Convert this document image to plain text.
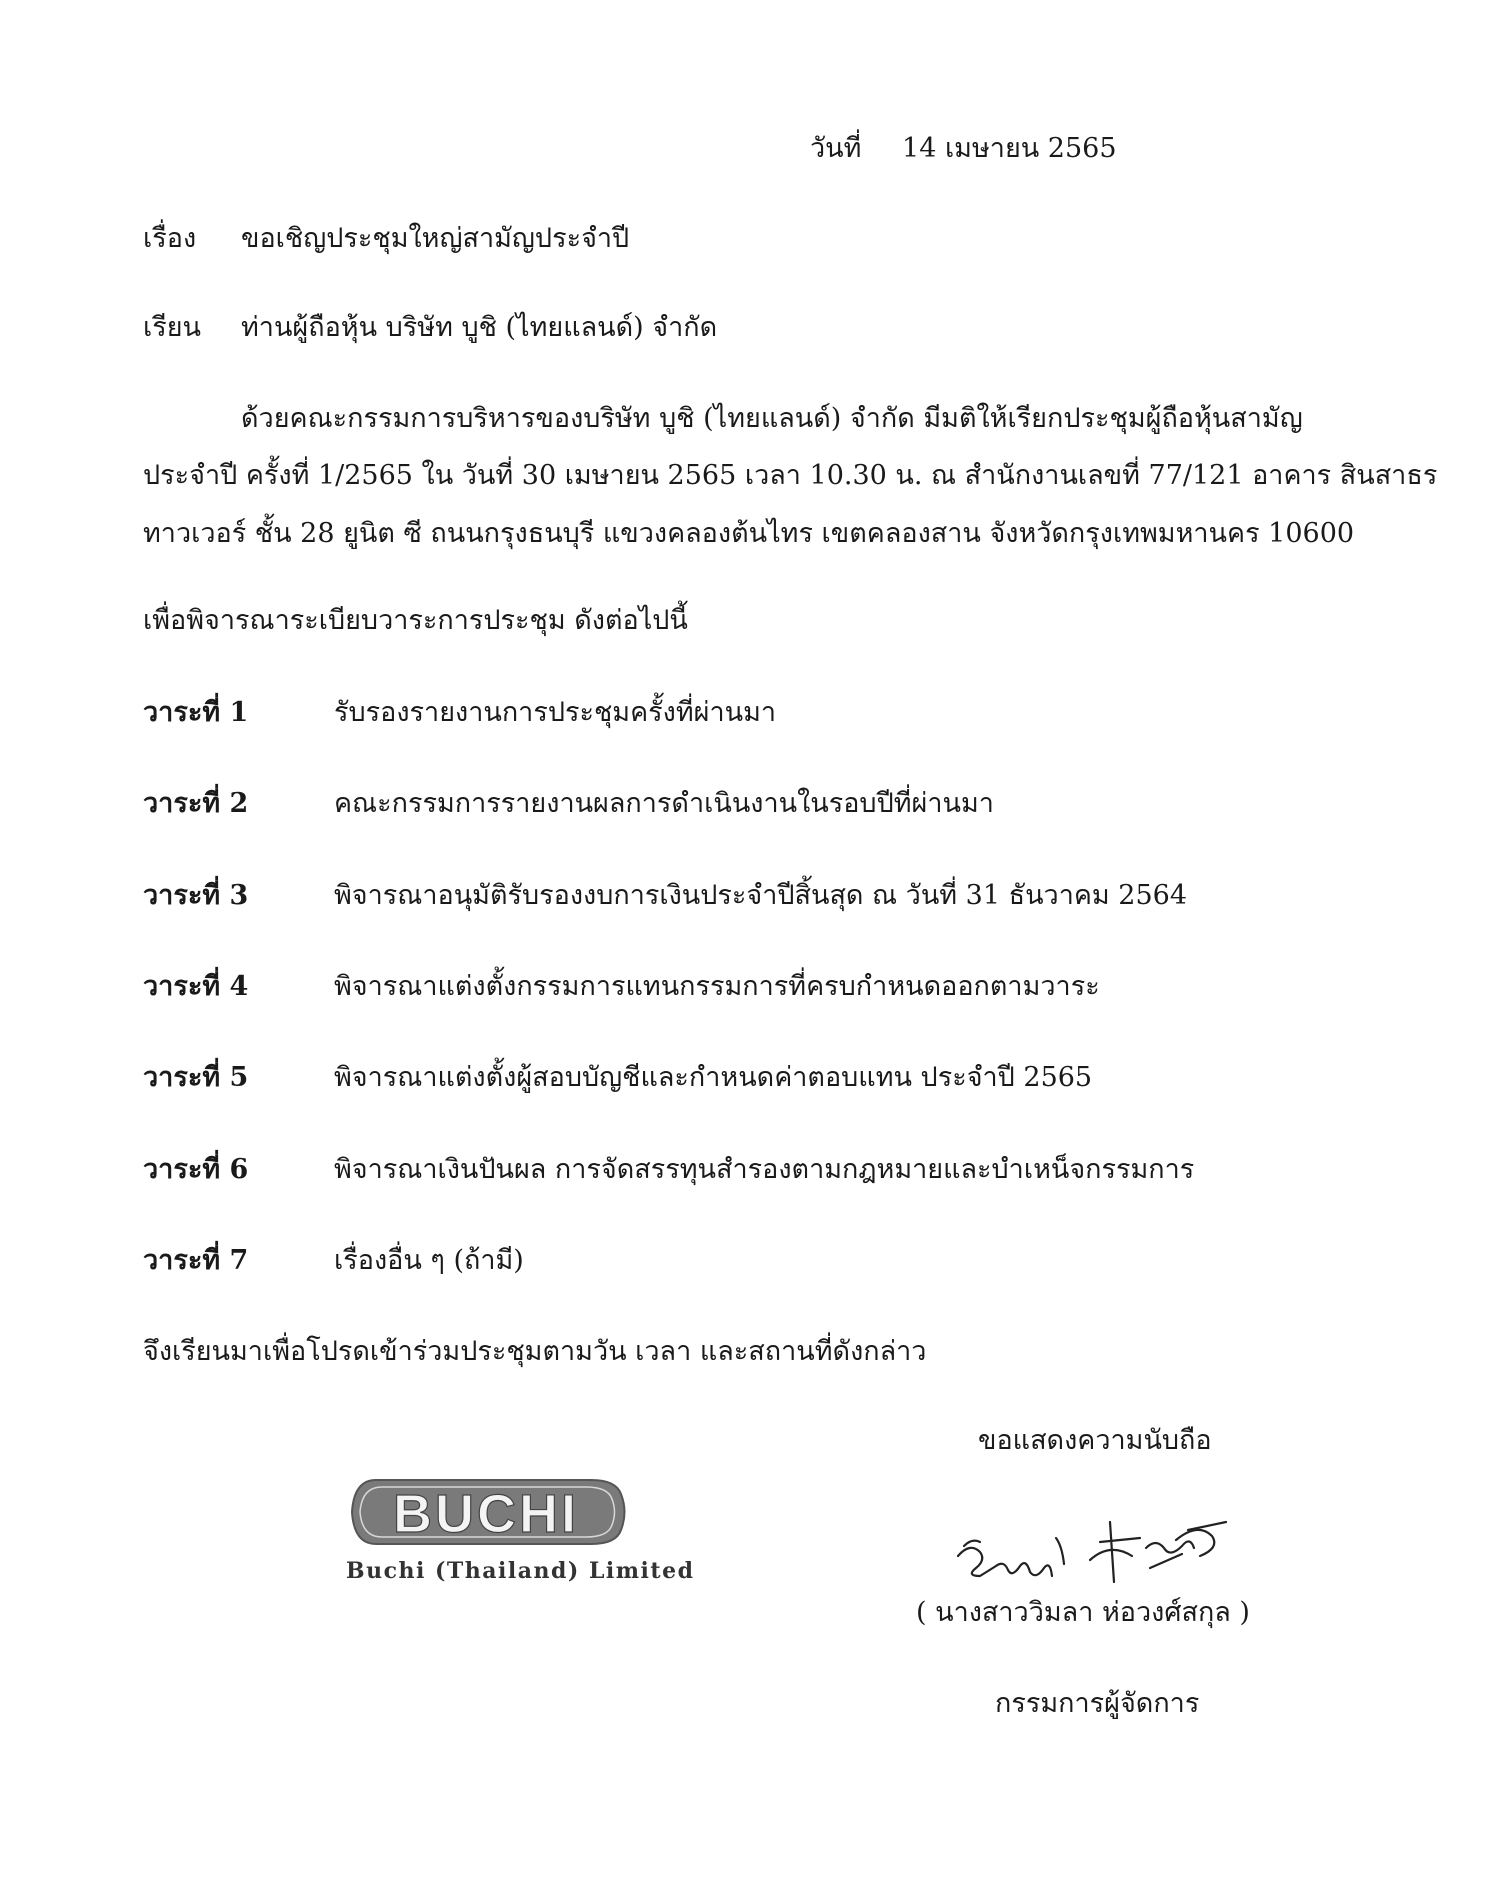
วันที่ 14 เมษายน 2565
เรื่อง ขอเชิญประชุมใหญ่สามัญประจำปี
เรียน ท่านผู้ถือหุ้น บริษัท บูชิ (ไทยแลนด์) จำกัด
ด้วยคณะกรรมการบริหารของบริษัท บูชิ (ไทยแลนด์) จำกัด มีมติให้เรียกประชุมผู้ถือหุ้นสามัญ
ประจำปี ครั้งที่ 1/2565 ใน วันที่ 30 เมษายน 2565 เวลา 10.30 น. ณ สำนักงานเลขที่ 77/121 อาคาร สินสาธร
ทาวเวอร์ ชั้น 28 ยูนิต ซี ถนนกรุงธนบุรี แขวงคลองต้นไทร เขตคลองสาน จังหวัดกรุงเทพมหานคร 10600
เพื่อพิจารณาระเบียบวาระการประชุม ดังต่อไปนี้
วาระที่ 1	รับรองรายงานการประชุมครั้งที่ผ่านมา
วาระที่ 2	คณะกรรมการรายงานผลการดำเนินงานในรอบปีที่ผ่านมา
วาระที่ 3	พิจารณาอนุมัติรับรองงบการเงินประจำปีสิ้นสุด ณ วันที่ 31 ธันวาคม 2564
วาระที่ 4	พิจารณาแต่งตั้งกรรมการแทนกรรมการที่ครบกำหนดออกตามวาระ
วาระที่ 5	พิจารณาแต่งตั้งผู้สอบบัญชีและกำหนดค่าตอบแทน ประจำปี 2565
วาระที่ 6	พิจารณาเงินปันผล การจัดสรรทุนสำรองตามกฎหมายและบำเหน็จกรรมการ
วาระที่ 7	เรื่องอื่น ๆ (ถ้ามี)
จึงเรียนมาเพื่อโปรดเข้าร่วมประชุมตามวัน เวลา และสถานที่ดังกล่าว
ขอแสดงความนับถือ
BUCHI
Buchi (Thailand) Limited
( นางสาววิมลา ห่อวงศ์สกุล )
กรรมการผู้จัดการ
